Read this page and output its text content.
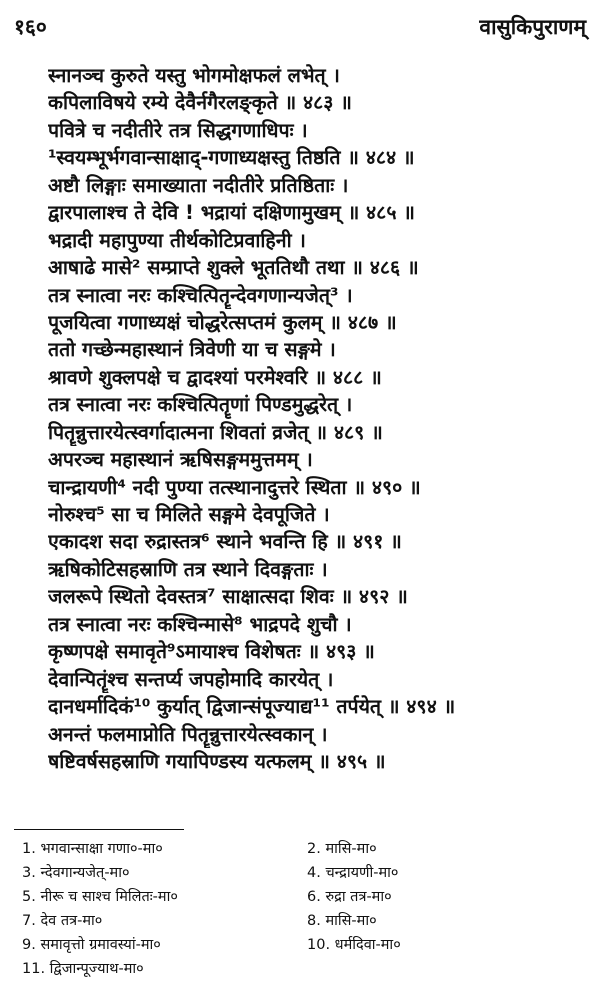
१६०	वासुकिपुराणम्
स्नानञ्च कुरुते यस्तु भोगमोक्षफलं लभेत् ।
कपिलाविषये रम्ये देवैर्नगैरलङ्कृते ॥ ४८३ ॥
पवित्रे च नदीतीरे तत्र सिद्धगणाधिपः ।
¹स्वयम्भूर्भगवान्साक्षाद्-गणाध्यक्षस्तु तिष्ठति ॥ ४८४ ॥
अष्टौ लिङ्गाः समाख्याता नदीतीरे प्रतिष्ठिताः ।
द्वारपालाश्च ते देवि ! भद्रायां दक्षिणामुखम् ॥ ४८५ ॥
भद्रादी महापुण्या तीर्थकोटिप्रवाहिनी ।
आषाढे मासे² सम्प्राप्ते शुक्ले भूततिथौ तथा ॥ ४८६ ॥
तत्र स्नात्वा नरः कश्चित्पितॄन्देवगणान्यजेत्³ ।
पूजयित्वा गणाध्यक्षं चोद्धरेत्सप्तमं कुलम् ॥ ४८७ ॥
ततो गच्छेन्महास्थानं त्रिवेणी या च सङ्गमे ।
श्रावणे शुक्लपक्षे च द्वादश्यां परमेश्वरि ॥ ४८८ ॥
तत्र स्नात्वा नरः कश्चित्पितॄणां पिण्डमुद्धरेत् ।
पितॄन्नुत्तारयेत्स्वर्गादात्मना शिवतां व्रजेत् ॥ ४८९ ॥
अपरञ्च महास्थानं ऋषिसङ्गममुत्तमम् ।
चान्द्रायणी⁴ नदी पुण्या तत्स्थानादुत्तरे स्थिता ॥ ४९० ॥
नोरुश्च⁵ सा च मिलिते सङ्गमे देवपूजिते ।
एकादश सदा रुद्रास्तत्र⁶ स्थाने भवन्ति हि ॥ ४९१ ॥
ऋषिकोटिसहस्राणि तत्र स्थाने दिवङ्गताः ।
जलरूपे स्थितो देवस्तत्र⁷ साक्षात्सदा शिवः ॥ ४९२ ॥
तत्र स्नात्वा नरः कश्चिन्मासे⁸ भाद्रपदे शुचौ ।
कृष्णपक्षे समावृते⁹ऽमायाश्च विशेषतः ॥ ४९३ ॥
देवान्पितॄंश्च सन्तर्प्य जपहोमादि कारयेत् ।
दानधर्मादिकं¹⁰ कुर्यात् द्विजान्संपूज्याद्य¹¹ तर्पयेत् ॥ ४९४ ॥
अनन्तं फलमाप्नोति पितॄन्नुत्तारयेत्स्वकान् ।
षष्टिवर्षसहस्राणि गयापिण्डस्य यत्फलम् ॥ ४९५ ॥
1. भगवान्साक्षा गणा०-मा०	2. मासि-मा०
3. न्देवगान्यजेत्-मा०	4. चन्द्रायणी-मा०
5. नीरू च साश्च मिलितः-मा०	6. रुद्रा तत्र-मा०
7. देव तत्र-मा०	8. मासि-मा०
9. समावृत्तो ग्रमावस्यां-मा०	10. धर्मदिवा-मा०
11. द्विजान्पूज्याथ-मा०
